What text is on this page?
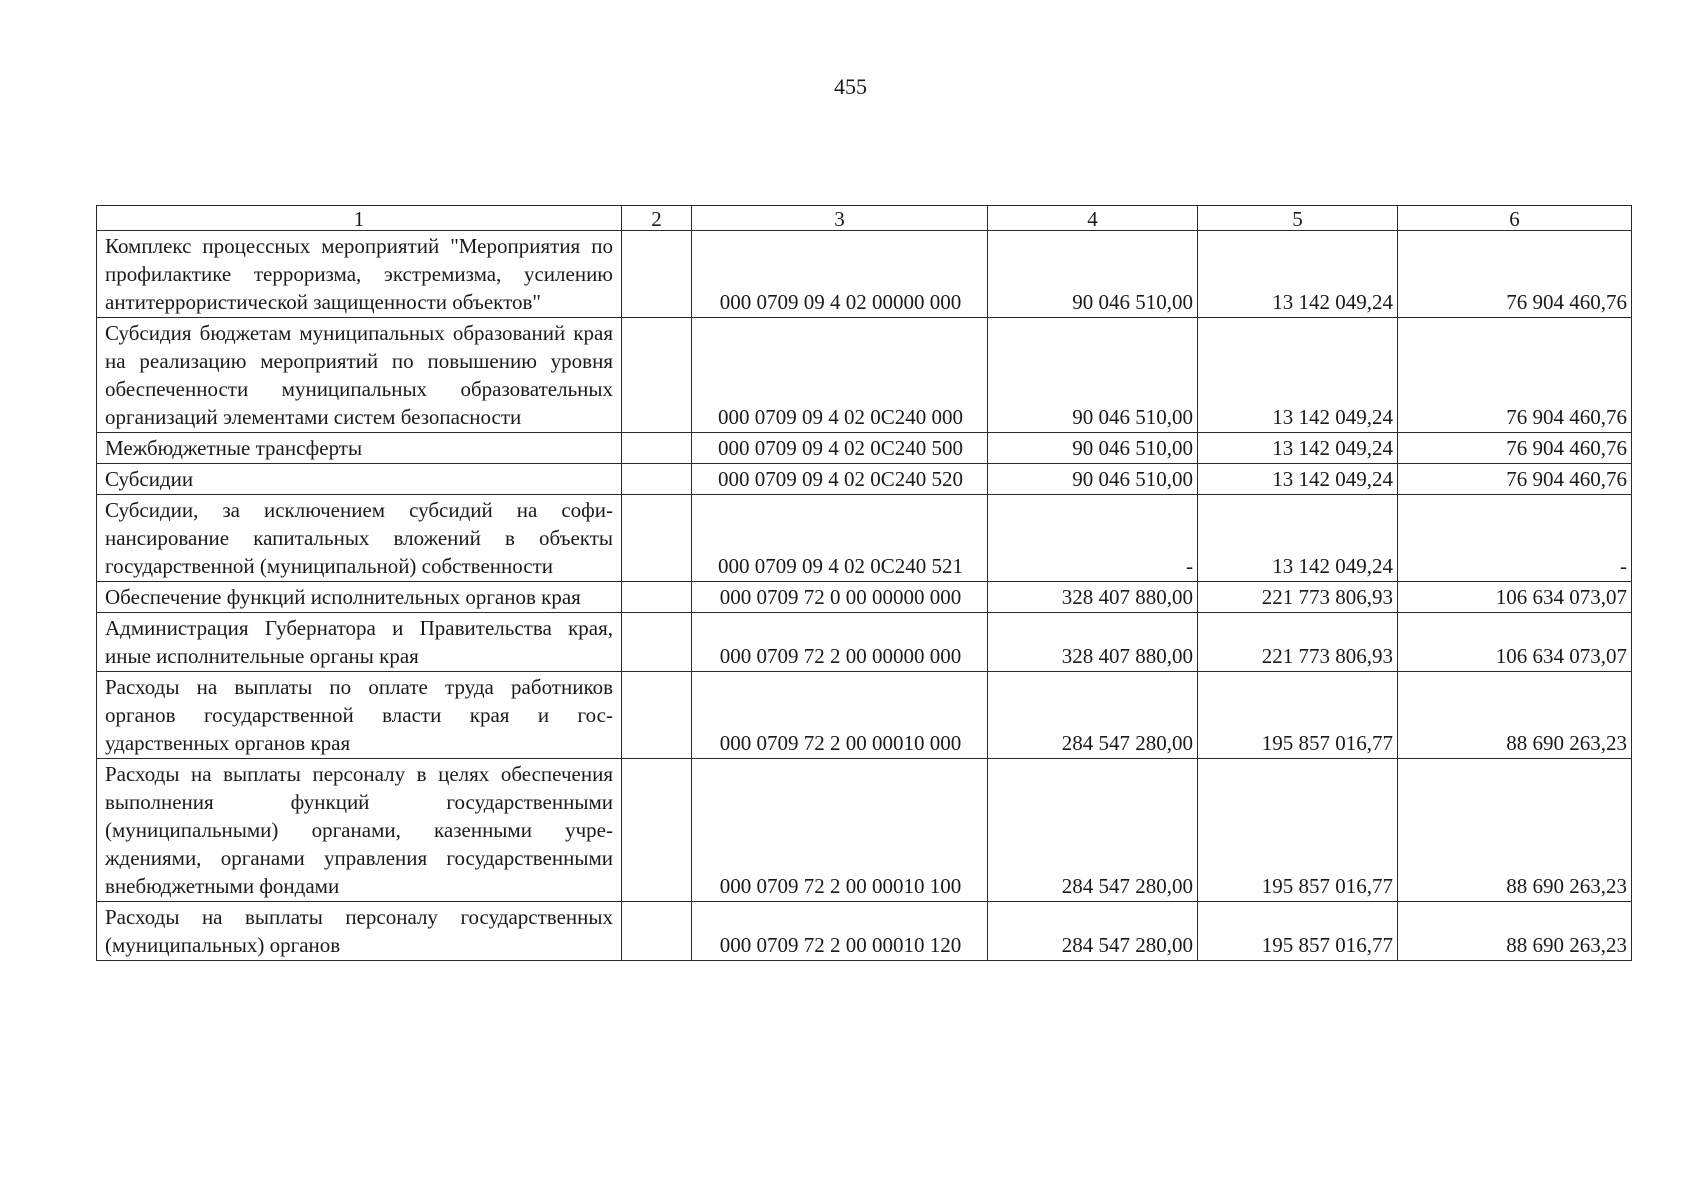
455
1	2	3	4	5	6
Комплекс процессных мероприятий "Мероприятия по профилактике терроризма, экстремизма, усилению антитеррористической защищенности объектов"		000 0709 09 4 02 00000 000	90 046 510,00	13 142 049,24	76 904 460,76
Субсидия бюджетам муниципальных образований края на реализацию мероприятий по повышению уровня обеспеченности муниципальных образовательных организаций элементами систем безопасности		000 0709 09 4 02 0С240 000	90 046 510,00	13 142 049,24	76 904 460,76
Межбюджетные трансферты		000 0709 09 4 02 0С240 500	90 046 510,00	13 142 049,24	76 904 460,76
Субсидии		000 0709 09 4 02 0С240 520	90 046 510,00	13 142 049,24	76 904 460,76
Субсидии, за исключением субсидий на софинансирование капитальных вложений в объекты государственной (муниципальной) собственности		000 0709 09 4 02 0С240 521	-	13 142 049,24	-
Обеспечение функций исполнительных органов края		000 0709 72 0 00 00000 000	328 407 880,00	221 773 806,93	106 634 073,07
Администрация Губернатора и Правительства края, иные исполнительные органы края		000 0709 72 2 00 00000 000	328 407 880,00	221 773 806,93	106 634 073,07
Расходы на выплаты по оплате труда работников органов государственной власти края и государственных органов края		000 0709 72 2 00 00010 000	284 547 280,00	195 857 016,77	88 690 263,23
Расходы на выплаты персоналу в целях обеспечения выполнения функций государственными (муниципальными) органами, казенными учреждениями, органами управления государственными внебюджетными фондами		000 0709 72 2 00 00010 100	284 547 280,00	195 857 016,77	88 690 263,23
Расходы на выплаты персоналу государственных (муниципальных) органов		000 0709 72 2 00 00010 120	284 547 280,00	195 857 016,77	88 690 263,23
